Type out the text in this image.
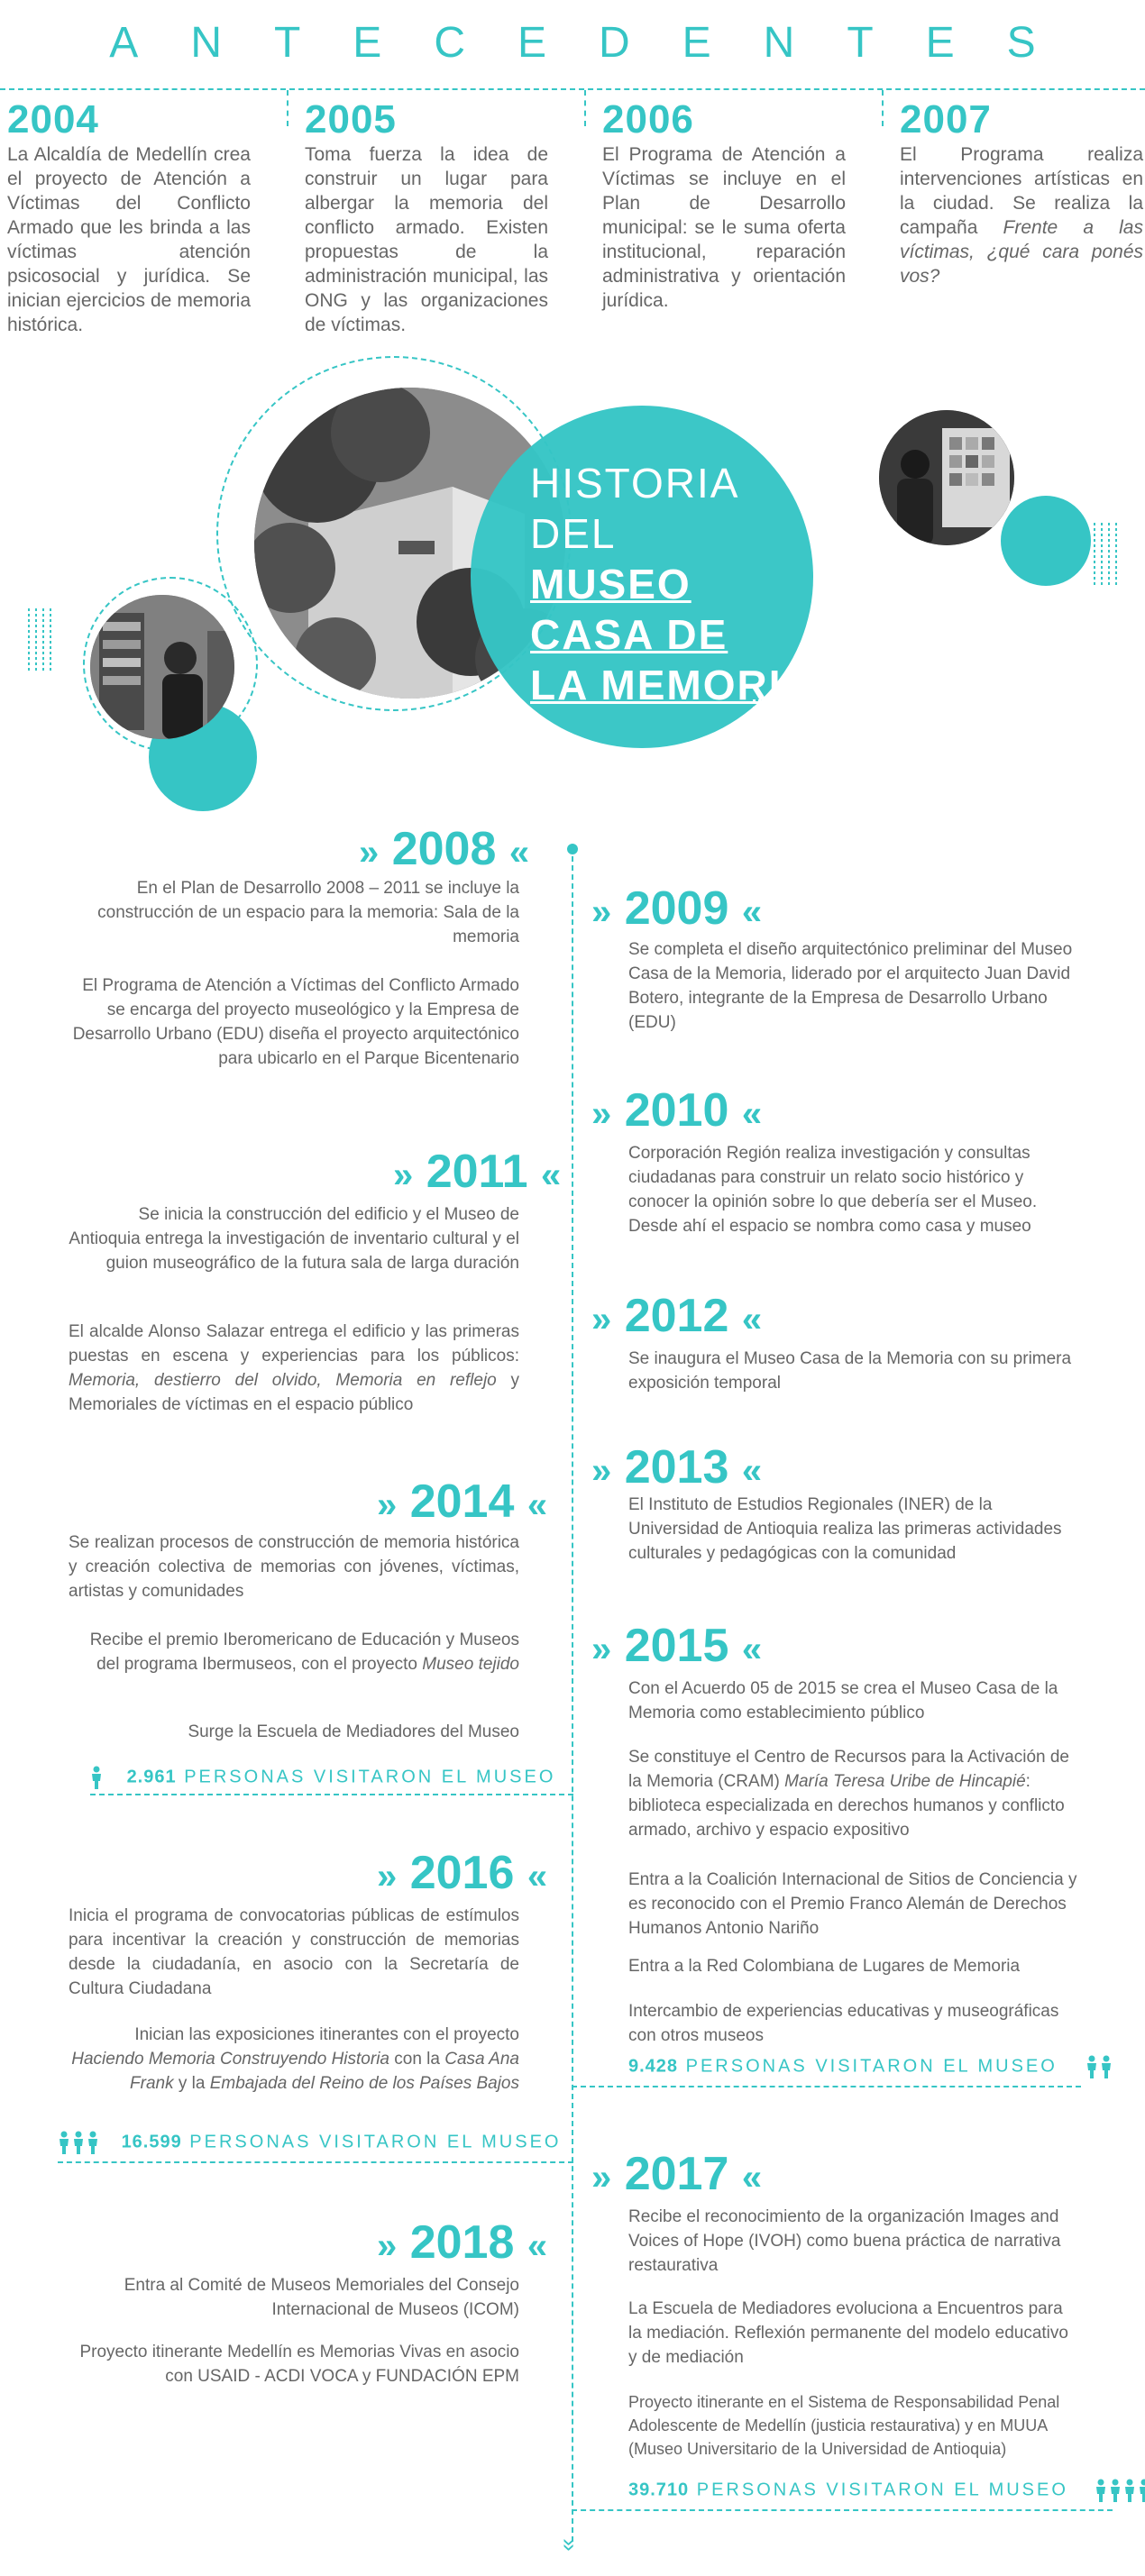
ANTECEDENTES
2004
La Alcaldía de Medellín crea el proyecto de Atención a Víctimas del Conflicto Armado que les brinda a las víctimas atención psicosocial y jurídica. Se inician ejercicios de memoria histórica.
2005
Toma fuerza la idea de construir un lugar para albergar la memoria del conflicto armado. Existen propuestas de la administración municipal, las ONG y las organizaciones de víctimas.
2006
El Programa de Atención a Víctimas se incluye en el Plan de Desarrollo municipal: se le suma oferta institucional, reparación administrativa y orientación jurídica.
2007
El Programa realiza intervenciones artísticas en la ciudad. Se realiza la campaña Frente a las víctimas, ¿qué cara ponés vos?
HISTORIA
DEL
MUSEO
CASA DE
LA MEMORIA
»
» 2008 «
En el Plan de Desarrollo 2008 – 2011 se incluye la construcción de un espacio para la memoria: Sala de la memoria
El Programa de Atención a Víctimas del Conflicto Armado se encarga del proyecto museológico y la Empresa de Desarrollo Urbano (EDU) diseña el proyecto arquitectónico para ubicarlo en el Parque Bicentenario
» 2009 «
Se completa el diseño arquitectónico preliminar del Museo Casa de la Memoria, liderado por el arquitecto Juan David Botero, integrante de la Empresa de Desarrollo Urbano (EDU)
» 2010 «
Corporación Región realiza investigación y consultas ciudadanas para construir un relato socio histórico y conocer la opinión sobre lo que debería ser el Museo. Desde ahí el espacio se nombra como casa y museo
» 2011 «
Se inicia la construcción del edificio y el Museo de Antioquia entrega la investigación de inventario cultural y el guion museográfico de la futura sala de larga duración
El alcalde Alonso Salazar entrega el edificio y las primeras puestas en escena y experiencias para los públicos: Memoria, destierro del olvido, Memoria en reflejo y Memoriales de víctimas en el espacio público
» 2012 «
Se inaugura el Museo Casa de la Memoria con su primera exposición temporal
» 2013 «
El Instituto de Estudios Regionales (INER) de la Universidad de Antioquia realiza las primeras actividades culturales y pedagógicas con la comunidad
» 2014 «
Se realizan procesos de construcción de memoria histórica y creación colectiva de memorias con jóvenes, víctimas, artistas y comunidades
Recibe el premio Iberomericano de Educación y Museos del programa Ibermuseos, con el proyecto Museo tejido
Surge la Escuela de Mediadores del Museo
2.961 PERSONAS VISITARON EL MUSEO
» 2015 «
Con el Acuerdo 05 de 2015 se crea el Museo Casa de la Memoria como establecimiento público
Se constituye el Centro de Recursos para la Activación de la Memoria (CRAM) María Teresa Uribe de Hincapié: biblioteca especializada en derechos humanos y conflicto armado, archivo y espacio expositivo
Entra a la Coalición Internacional de Sitios de Conciencia y es reconocido con el Premio Franco Alemán de Derechos Humanos Antonio Nariño
Entra a la Red Colombiana de Lugares de Memoria
Intercambio de experiencias educativas y museográficas con otros museos
9.428 PERSONAS VISITARON EL MUSEO
» 2016 «
Inicia el programa de convocatorias públicas de estímulos para incentivar la creación y construcción de memorias desde la ciudadanía, en asocio con la Secretaría de Cultura Ciudadana
Inician las exposiciones itinerantes con el proyecto Haciendo Memoria Construyendo Historia con la Casa Ana Frank y la Embajada del Reino de los Países Bajos
16.599 PERSONAS VISITARON EL MUSEO
» 2017 «
Recibe el reconocimiento de la organización Images and Voices of Hope (IVOH) como buena práctica de narrativa restaurativa
La Escuela de Mediadores evoluciona a Encuentros para la mediación. Reflexión permanente del modelo educativo y de mediación
Proyecto itinerante en el Sistema de Responsabilidad Penal Adolescente de Medellín (justicia restaurativa) y en MUUA (Museo Universitario de la Universidad de Antioquia)
39.710 PERSONAS VISITARON EL MUSEO
» 2018 «
Entra al Comité de Museos Memoriales del Consejo Internacional de Museos (ICOM)
Proyecto itinerante Medellín es Memorias Vivas en asocio con USAID - ACDI VOCA y FUNDACIÓN EPM
